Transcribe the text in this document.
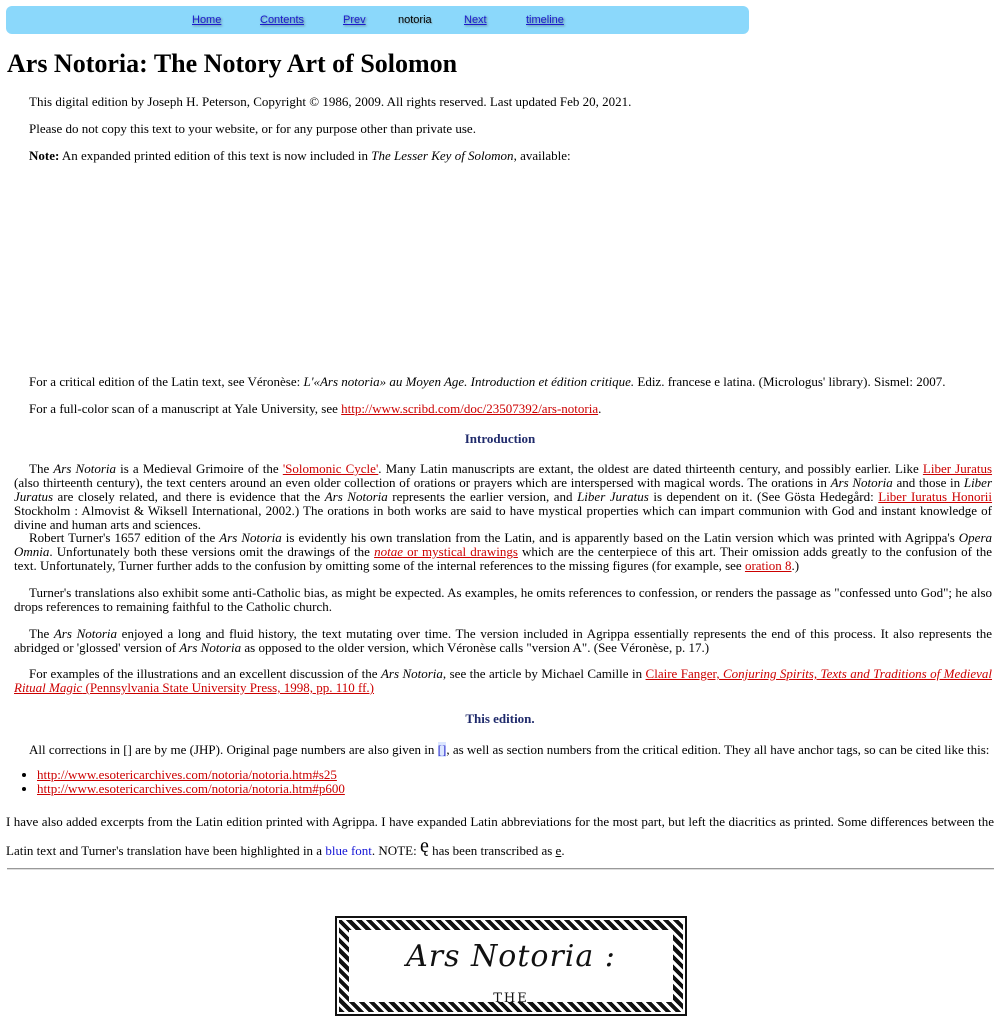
Home	Contents	Prev	notoria	Next	timeline
Ars Notoria: The Notory Art of Solomon
This digital edition by Joseph H. Peterson, Copyright © 1986, 2009. All rights reserved. Last updated Feb 20, 2021.
Please do not copy this text to your website, or for any purpose other than private use.
Note: An expanded printed edition of this text is now included in The Lesser Key of Solomon, available:
For a critical edition of the Latin text, see Véronèse: L'«Ars notoria» au Moyen Age. Introduction et édition critique. Ediz. francese e latina. (Micrologus' library). Sismel: 2007.
For a full-color scan of a manuscript at Yale University, see http://www.scribd.com/doc/23507392/ars-notoria.
Introduction
The Ars Notoria is a Medieval Grimoire of the 'Solomonic Cycle'. Many Latin manuscripts are extant, the oldest are dated thirteenth century, and possibly earlier. Like Liber Juratus (also thirteenth century), the text centers around an even older collection of orations or prayers which are interspersed with magical words. The orations in Ars Notoria and those in Liber Juratus are closely related, and there is evidence that the Ars Notoria represents the earlier version, and Liber Juratus is dependent on it. (See Gösta Hedegård: Liber Iuratus Honorii Stockholm : Almovist & Wiksell International, 2002.) The orations in both works are said to have mystical properties which can impart communion with God and instant knowledge of divine and human arts and sciences.
Robert Turner's 1657 edition of the Ars Notoria is evidently his own translation from the Latin, and is apparently based on the Latin version which was printed with Agrippa's Opera Omnia. Unfortunately both these versions omit the drawings of the notae or mystical drawings which are the centerpiece of this art. Their omission adds greatly to the confusion of the text. Unfortunately, Turner further adds to the confusion by omitting some of the internal references to the missing figures (for example, see oration 8.)
Turner's translations also exhibit some anti-Catholic bias, as might be expected. As examples, he omits references to confession, or renders the passage as "confessed unto God"; he also drops references to remaining faithful to the Catholic church.
The Ars Notoria enjoyed a long and fluid history, the text mutating over time. The version included in Agrippa essentially represents the end of this process. It also represents the abridged or 'glossed' version of Ars Notoria as opposed to the older version, which Véronèse calls "version A". (See Véronèse, p. 17.)
For examples of the illustrations and an excellent discussion of the Ars Notoria, see the article by Michael Camille in Claire Fanger, Conjuring Spirits, Texts and Traditions of Medieval Ritual Magic (Pennsylvania State University Press, 1998, pp. 110 ff.)
This edition.
All corrections in [] are by me (JHP). Original page numbers are also given in [], as well as section numbers from the critical edition. They all have anchor tags, so can be cited like this:
• http://www.esotericarchives.com/notoria/notoria.htm#s25
• http://www.esotericarchives.com/notoria/notoria.htm#p600
I have also added excerpts from the Latin edition printed with Agrippa. I have expanded Latin abbreviations for the most part, but left the diacritics as printed. Some differences between the Latin text and Turner's translation have been highlighted in a blue font. NOTE: ę has been transcribed as e.
Ars Notoria :
THE
